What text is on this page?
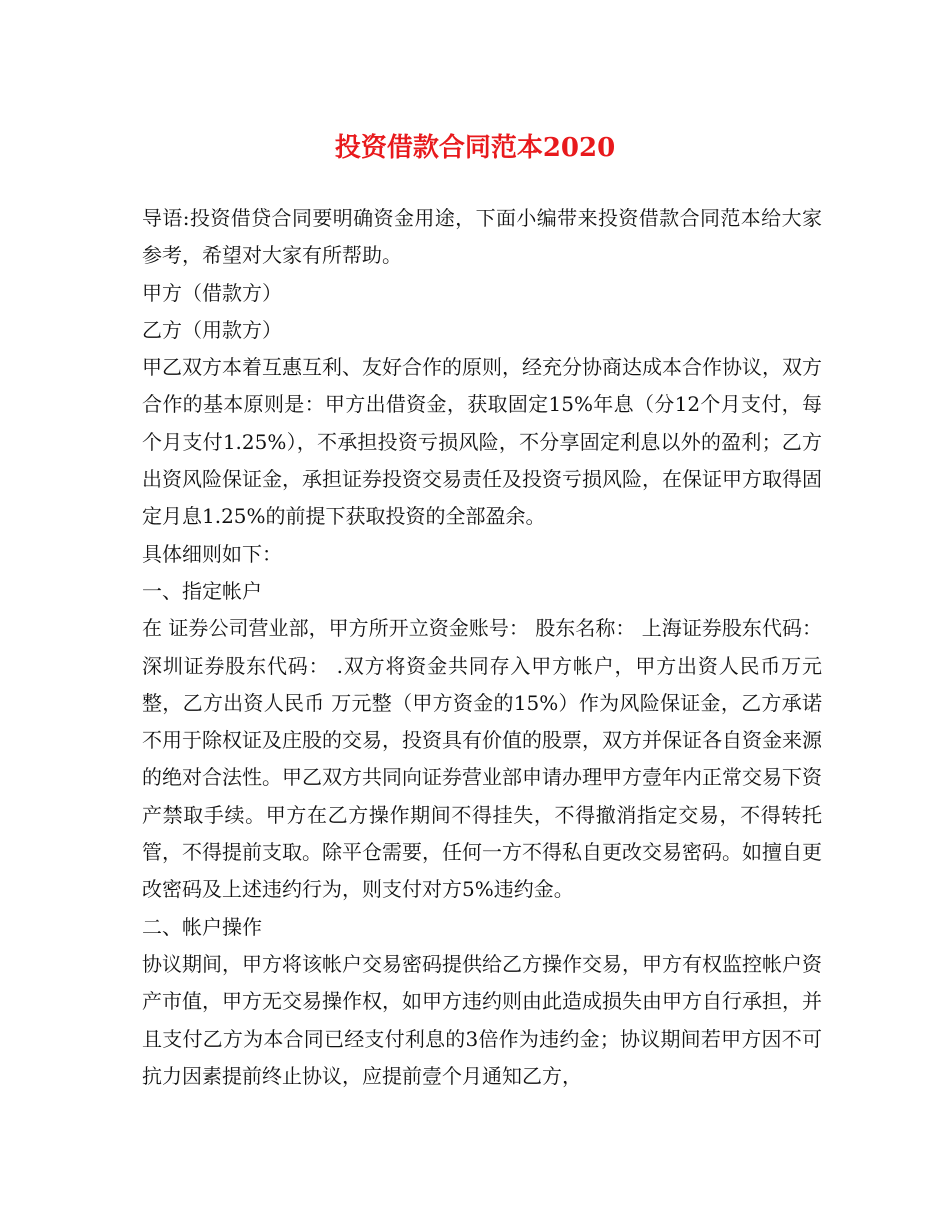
投资借款合同范本2020

导语:投资借贷合同要明确资金用途，下面小编带来投资借款合同范本给大家参考，希望对大家有所帮助。

甲方（借款方）

乙方（用款方）

甲乙双方本着互惠互利、友好合作的原则，经充分协商达成本合作协议，双方合作的基本原则是：甲方出借资金，获取固定15%年息（分12个月支付，每个月支付1.25%），不承担投资亏损风险，不分享固定利息以外的盈利；乙方出资风险保证金，承担证券投资交易责任及投资亏损风险，在保证甲方取得固定月息1.25%的前提下获取投资的全部盈余。

具体细则如下：

一、指定帐户

在 证券公司营业部，甲方所开立资金账号： 股东名称： 上海证券股东代码： 深圳证券股东代码： .双方将资金共同存入甲方帐户，甲方出资人民币万元整，乙方出资人民币 万元整（甲方资金的15%）作为风险保证金，乙方承诺不用于除权证及庄股的交易，投资具有价值的股票，双方并保证各自资金来源的绝对合法性。甲乙双方共同向证券营业部申请办理甲方壹年内正常交易下资产禁取手续。甲方在乙方操作期间不得挂失，不得撤消指定交易，不得转托管，不得提前支取。除平仓需要，任何一方不得私自更改交易密码。如擅自更改密码及上述违约行为，则支付对方5%违约金。

二、帐户操作

协议期间，甲方将该帐户交易密码提供给乙方操作交易，甲方有权监控帐户资产市值，甲方无交易操作权，如甲方违约则由此造成损失由甲方自行承担，并且支付乙方为本合同已经支付利息的3倍作为违约金；协议期间若甲方因不可抗力因素提前终止协议，应提前壹个月通知乙方，
